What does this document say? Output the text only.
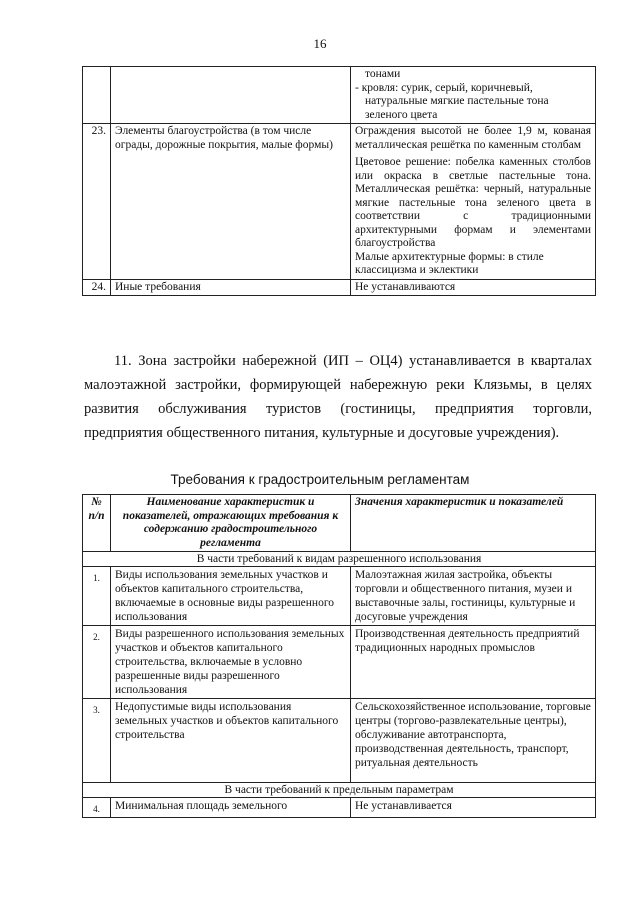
16

		тонами
- кровля: сурик, серый, коричневый,
натуральные мягкие пастельные тона
зеленого цвета

23.	Элементы благоустройства (в том числе ограды, дорожные покрытия, малые формы)	Ограждения высотой не более 1,9 м, кованая металлическая решётка по каменным столбам
Цветовое решение: побелка каменных столбов или окраска в светлые пастельные тона. Металлическая решётка: черный, натуральные мягкие пастельные тона зеленого цвета в соответствии с традиционными архитектурными формам и элементами благоустройства
Малые архитектурные формы: в стиле классицизма и эклектики

24.	Иные требования	Не устанавливаются
11. Зона застройки набережной (ИП – ОЦ4) устанавливается в кварталах малоэтажной застройки, формирующей набережную реки Клязьмы, в целях развития обслуживания туристов (гостиницы, предприятия торговли, предприятия общественного питания, культурные и досуговые учреждения).
Требования к градостроительным регламентам
№ п/п	Наименование характеристик и показателей, отражающих требования к содержанию градостроительного регламента	Значения характеристик и показателей
В части требований к видам разрешенного использования		
1.	Виды использования земельных участков и объектов капитального строительства, включаемые в основные виды разрешенного использования	Малоэтажная жилая застройка, объекты торговли и общественного питания, музеи и выставочные залы, гостиницы, культурные и досуговые учреждения
2.	Виды разрешенного использования земельных участков и объектов капитального строительства, включаемые в условно разрешенные виды разрешенного использования	Производственная деятельность предприятий традиционных народных промыслов
3.	Недопустимые виды использования земельных участков и объектов капитального строительства	Сельскохозяйственное использование, торговые центры (торгово-развлекательные центры), обслуживание автотранспорта, производственная деятельность, транспорт, ритуальная деятельность
В части требований к предельным параметрам		
4.	Минимальная площадь земельного	Не устанавливается
